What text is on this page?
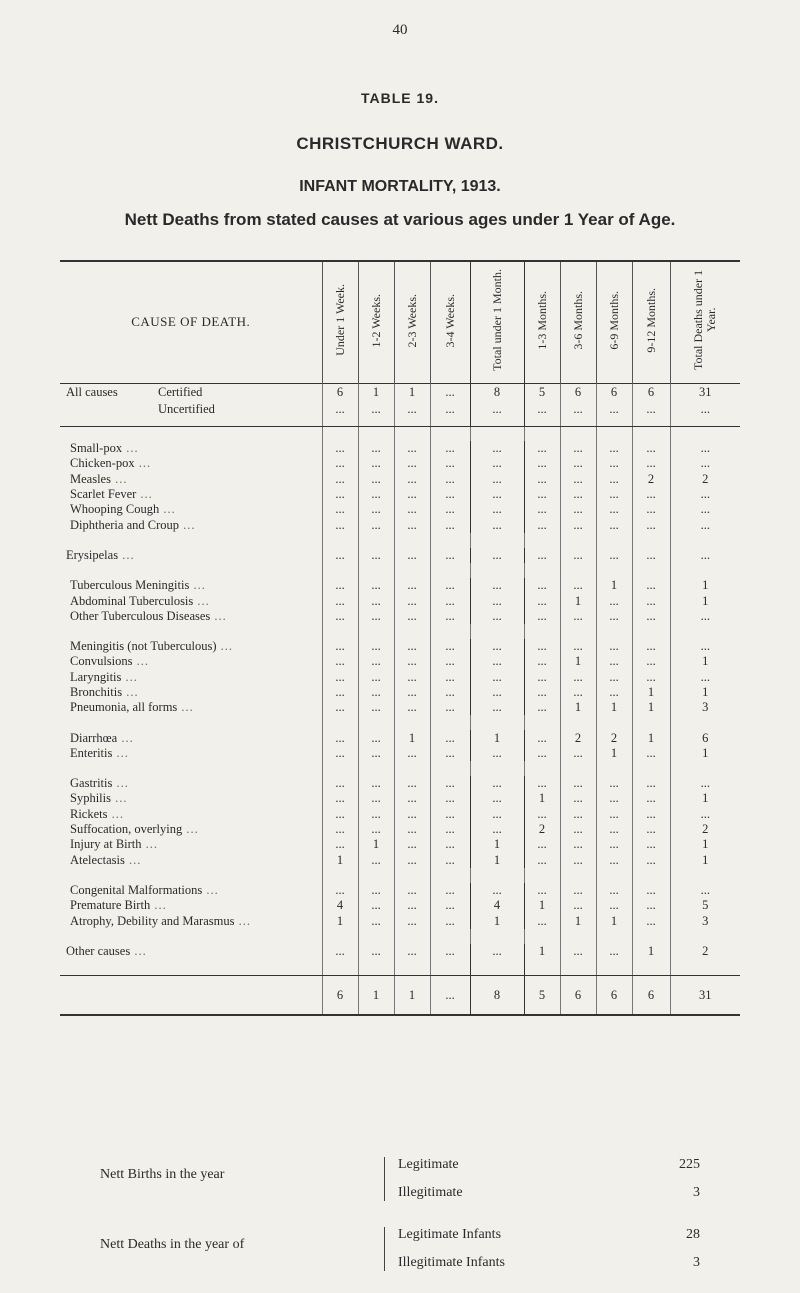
40
TABLE 19.
CHRISTCHURCH WARD.
INFANT MORTALITY, 1913.
Nett Deaths from stated causes at various ages under 1 Year of Age.
CAUSE OF DEATH.	Under 1 Week.	1-2 Weeks.	2-3 Weeks.	3-4 Weeks.	Total under 1 Month.	1-3 Months.	3-6 Months.	6-9 Months.	9-12 Months.	Total Deaths under 1 Year.
All causes Certified	6	1	1	...	8	5	6	6	6	31
Uncertified	...	...	...	...	...	...	...	...	...	...

Small-pox ...	...	...	...	...	...	...	...	...	...	...
Chicken-pox ...	...	...	...	...	...	...	...	...	...	...
Measles ...	...	...	...	...	...	...	...	...	2	2
Scarlet Fever ...	...	...	...	...	...	...	...	...	...	...
Whooping Cough ...	...	...	...	...	...	...	...	...	...	...
Diphtheria and Croup ...	...	...	...	...	...	...	...	...	...	...

Erysipelas ...	...	...	...	...	...	...	...	...	...	...

Tuberculous Meningitis ...	...	...	...	...	...	...	...	1	...	1
Abdominal Tuberculosis ...	...	...	...	...	...	...	1	...	...	1
Other Tuberculous Diseases ...	...	...	...	...	...	...	...	...	...	...

Meningitis (not Tuberculous) ...	...	...	...	...	...	...	...	...	...	...
Convulsions ...	...	...	...	...	...	...	1	...	...	1
Laryngitis ...	...	...	...	...	...	...	...	...	...	...
Bronchitis ...	...	...	...	...	...	...	...	...	1	1
Pneumonia, all forms ...	...	...	...	...	...	...	1	1	1	3

Diarrhœa ...	...	...	1	...	1	...	2	2	1	6
Enteritis ...	...	...	...	...	...	...	...	1	...	1

Gastritis ...	...	...	...	...	...	...	...	...	...	...
Syphilis ...	...	...	...	...	...	1	...	...	...	1
Rickets ...	...	...	...	...	...	...	...	...	...	...
Suffocation, overlying ...	...	...	...	...	...	2	...	...	...	2
Injury at Birth ...	...	1	...	...	1	...	...	...	...	1
Atelectasis ...	1	...	...	...	1	...	...	...	...	1

Congenital Malformations ...	...	...	...	...	...	...	...	...	...	...
Premature Birth ...	4	...	...	...	4	1	...	...	...	5
Atrophy, Debility and Marasmus ...	1	...	...	...	1	...	1	1	...	3

Other causes ...	...	...	...	...	...	1	...	...	1	2

	6	1	1	...	8	5	6	6	6	31
Nett Births in the year
Legitimate	225
Illegitimate	3
Nett Deaths in the year of
Legitimate Infants	28
Illegitimate Infants	3
